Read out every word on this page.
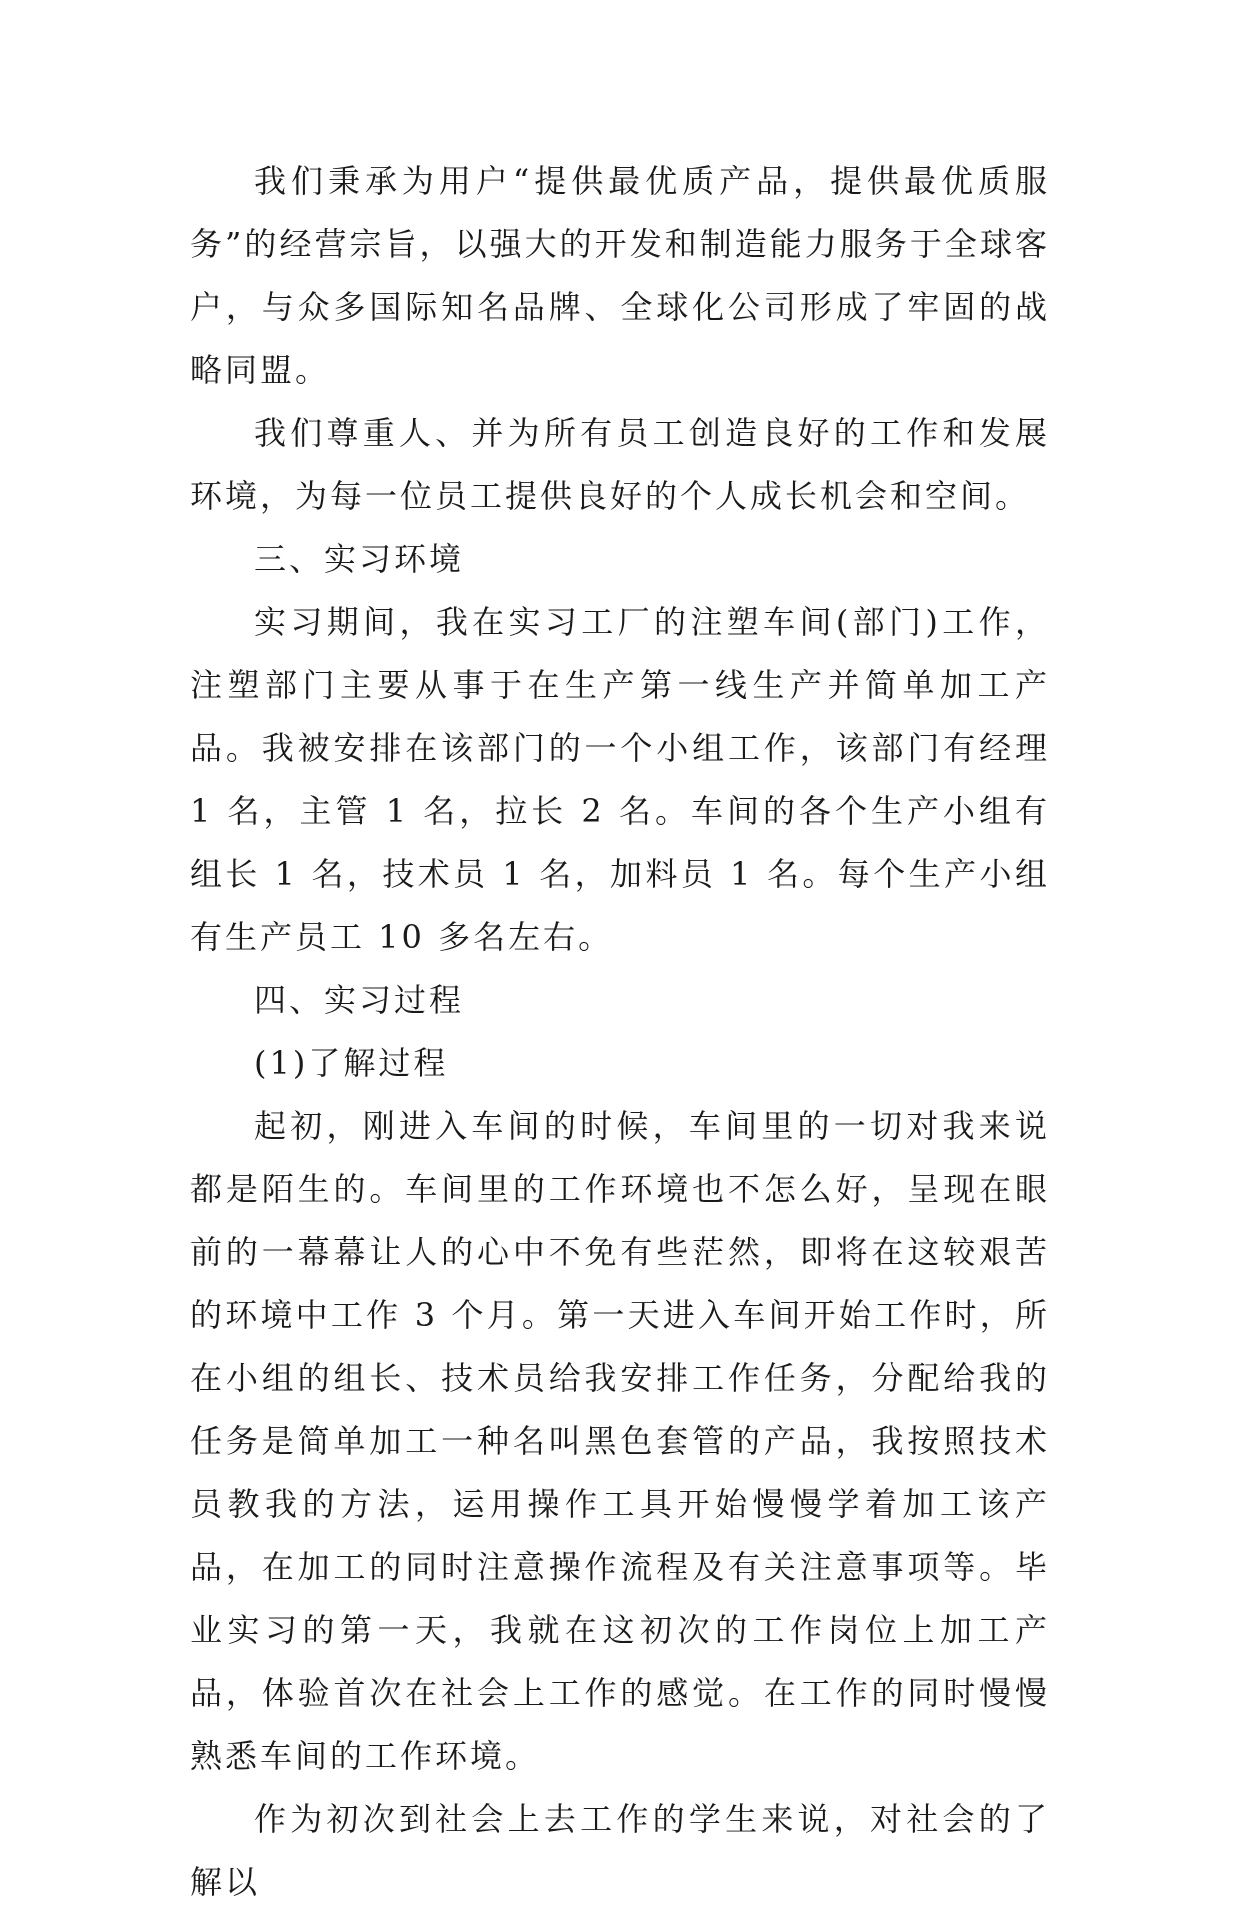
我们秉承为用户“提供最优质产品，提供最优质服务”的经营宗旨，以强大的开发和制造能力服务于全球客户，与众多国际知名品牌、全球化公司形成了牢固的战略同盟。

我们尊重人、并为所有员工创造良好的工作和发展环境，为每一位员工提供良好的个人成长机会和空间。

三、实习环境

实习期间，我在实习工厂的注塑车间(部门)工作，注塑部门主要从事于在生产第一线生产并简单加工产品。我被安排在该部门的一个小组工作，该部门有经理 1 名，主管 1 名，拉长 2 名。车间的各个生产小组有组长 1 名，技术员 1 名，加料员 1 名。每个生产小组有生产员工 10 多名左右。

四、实习过程

(1)了解过程

起初，刚进入车间的时候，车间里的一切对我来说都是陌生的。车间里的工作环境也不怎么好，呈现在眼前的一幕幕让人的心中不免有些茫然，即将在这较艰苦的环境中工作 3 个月。第一天进入车间开始工作时，所在小组的组长、技术员给我安排工作任务，分配给我的任务是简单加工一种名叫黑色套管的产品，我按照技术员教我的方法，运用操作工具开始慢慢学着加工该产品，在加工的同时注意操作流程及有关注意事项等。毕业实习的第一天，我就在这初次的工作岗位上加工产品，体验首次在社会上工作的感觉。在工作的同时慢慢熟悉车间的工作环境。

作为初次到社会上去工作的学生来说，对社会的了解以
